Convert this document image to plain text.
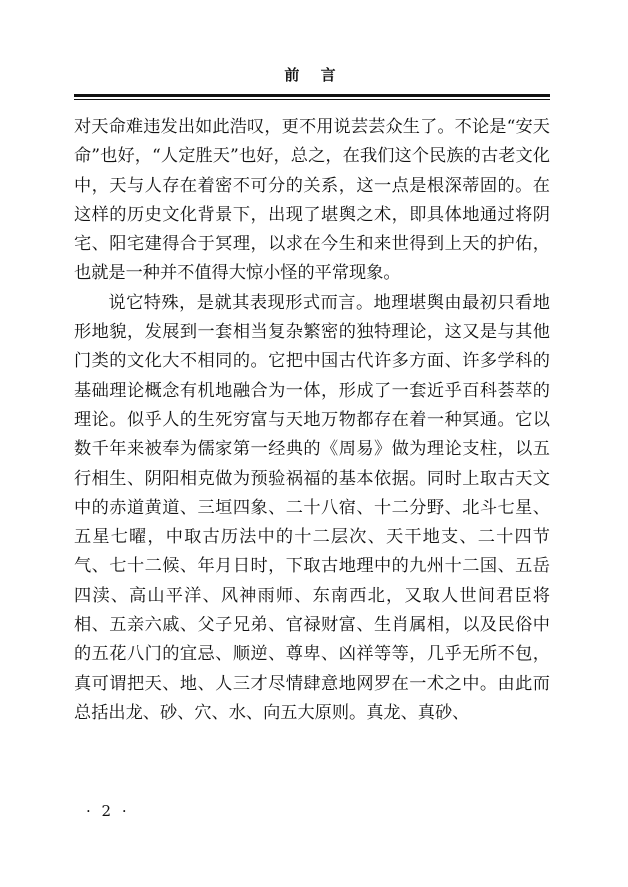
前 言

对天命难违发出如此浩叹，更不用说芸芸众生了。不论是“安天命”也好，“人定胜天”也好，总之，在我们这个民族的古老文化中，天与人存在着密不可分的关系，这一点是根深蒂固的。在这样的历史文化背景下，出现了堪舆之术，即具体地通过将阴宅、阳宅建得合于冥理，以求在今生和来世得到上天的护佑，也就是一种并不值得大惊小怪的平常现象。

说它特殊，是就其表现形式而言。地理堪舆由最初只看地形地貌，发展到一套相当复杂繁密的独特理论，这又是与其他门类的文化大不相同的。它把中国古代许多方面、许多学科的基础理论概念有机地融合为一体，形成了一套近乎百科荟萃的理论。似乎人的生死穷富与天地万物都存在着一种冥通。它以数千年来被奉为儒家第一经典的《周易》做为理论支柱，以五行相生、阴阳相克做为预验祸福的基本依据。同时上取古天文中的赤道黄道、三垣四象、二十八宿、十二分野、北斗七星、五星七曜，中取古历法中的十二层次、天干地支、二十四节气、七十二候、年月日时，下取古地理中的九州十二国、五岳四渎、高山平洋、风神雨师、东南西北，又取人世间君臣将相、五亲六戚、父子兄弟、官禄财富、生肖属相，以及民俗中的五花八门的宜忌、顺逆、尊卑、凶祥等等，几乎无所不包，真可谓把天、地、人三才尽情肆意地网罗在一术之中。由此而总括出龙、砂、穴、水、向五大原则。真龙、真砂、

· 2 ·
